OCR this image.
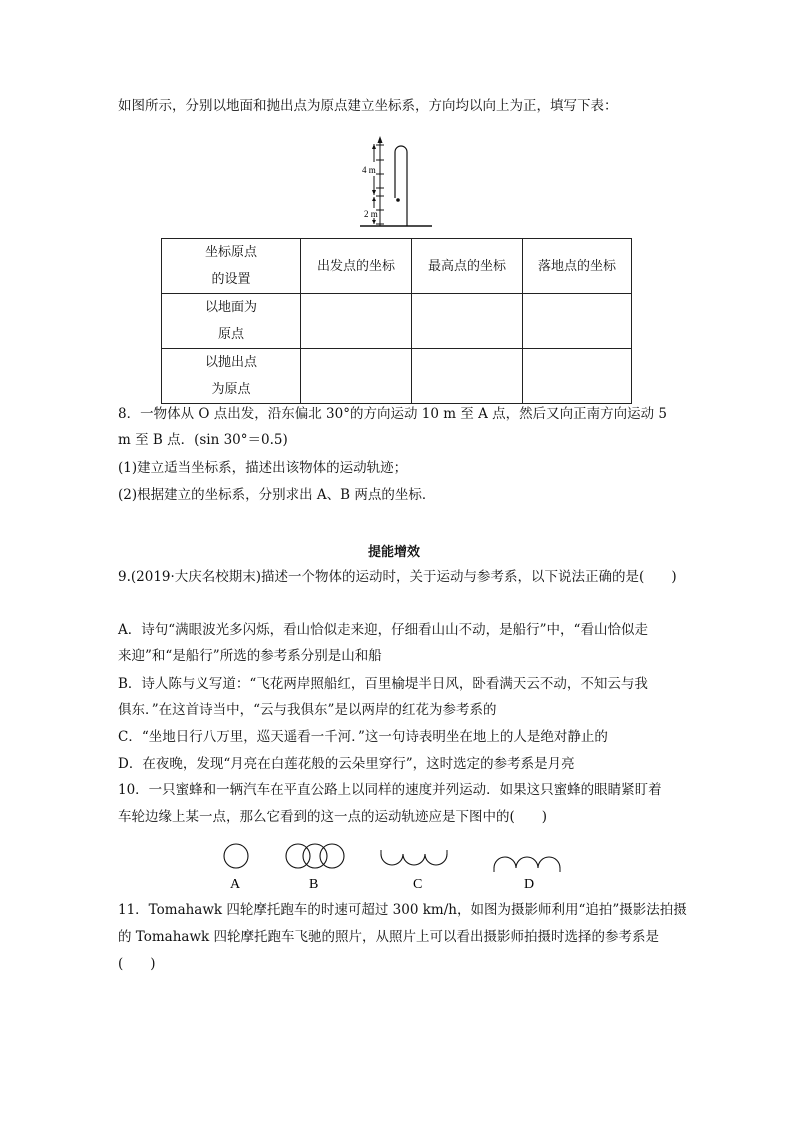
如图所示，分别以地面和抛出点为原点建立坐标系，方向均以向上为正，填写下表：
4 m
2 m
坐标原点
的设置	出发点的坐标	最高点的坐标	落地点的坐标

以地面为
原点			

以抛出点
为原点			

8．一物体从 O 点出发，沿东偏北 30°的方向运动 10 m 至 A 点，然后又向正南方向运动 5
m 至 B 点．(sin 30°＝0.5)
(1)建立适当坐标系，描述出该物体的运动轨迹；
(2)根据建立的坐标系，分别求出 A、B 两点的坐标．
提能增效
9.(2019·大庆名校期末)描述一个物体的运动时，关于运动与参考系，以下说法正确的是(　　)
A．诗句“满眼波光多闪烁，看山恰似走来迎，仔细看山山不动，是船行”中，“看山恰似走
来迎”和“是船行”所选的参考系分别是山和船
B．诗人陈与义写道：“飞花两岸照船红，百里榆堤半日风，卧看满天云不动，不知云与我
俱东．”在这首诗当中，“云与我俱东”是以两岸的红花为参考系的
C．“坐地日行八万里，巡天遥看一千河．”这一句诗表明坐在地上的人是绝对静止的
D．在夜晚，发现“月亮在白莲花般的云朵里穿行”，这时选定的参考系是月亮
10．一只蜜蜂和一辆汽车在平直公路上以同样的速度并列运动．如果这只蜜蜂的眼睛紧盯着
车轮边缘上某一点，那么它看到的这一点的运动轨迹应是下图中的(　　)
A	B	C	D
11．Tomahawk 四轮摩托跑车的时速可超过 300 km/h，如图为摄影师利用“追拍”摄影法拍摄
的 Tomahawk 四轮摩托跑车飞驰的照片，从照片上可以看出摄影师拍摄时选择的参考系是
(　　)
